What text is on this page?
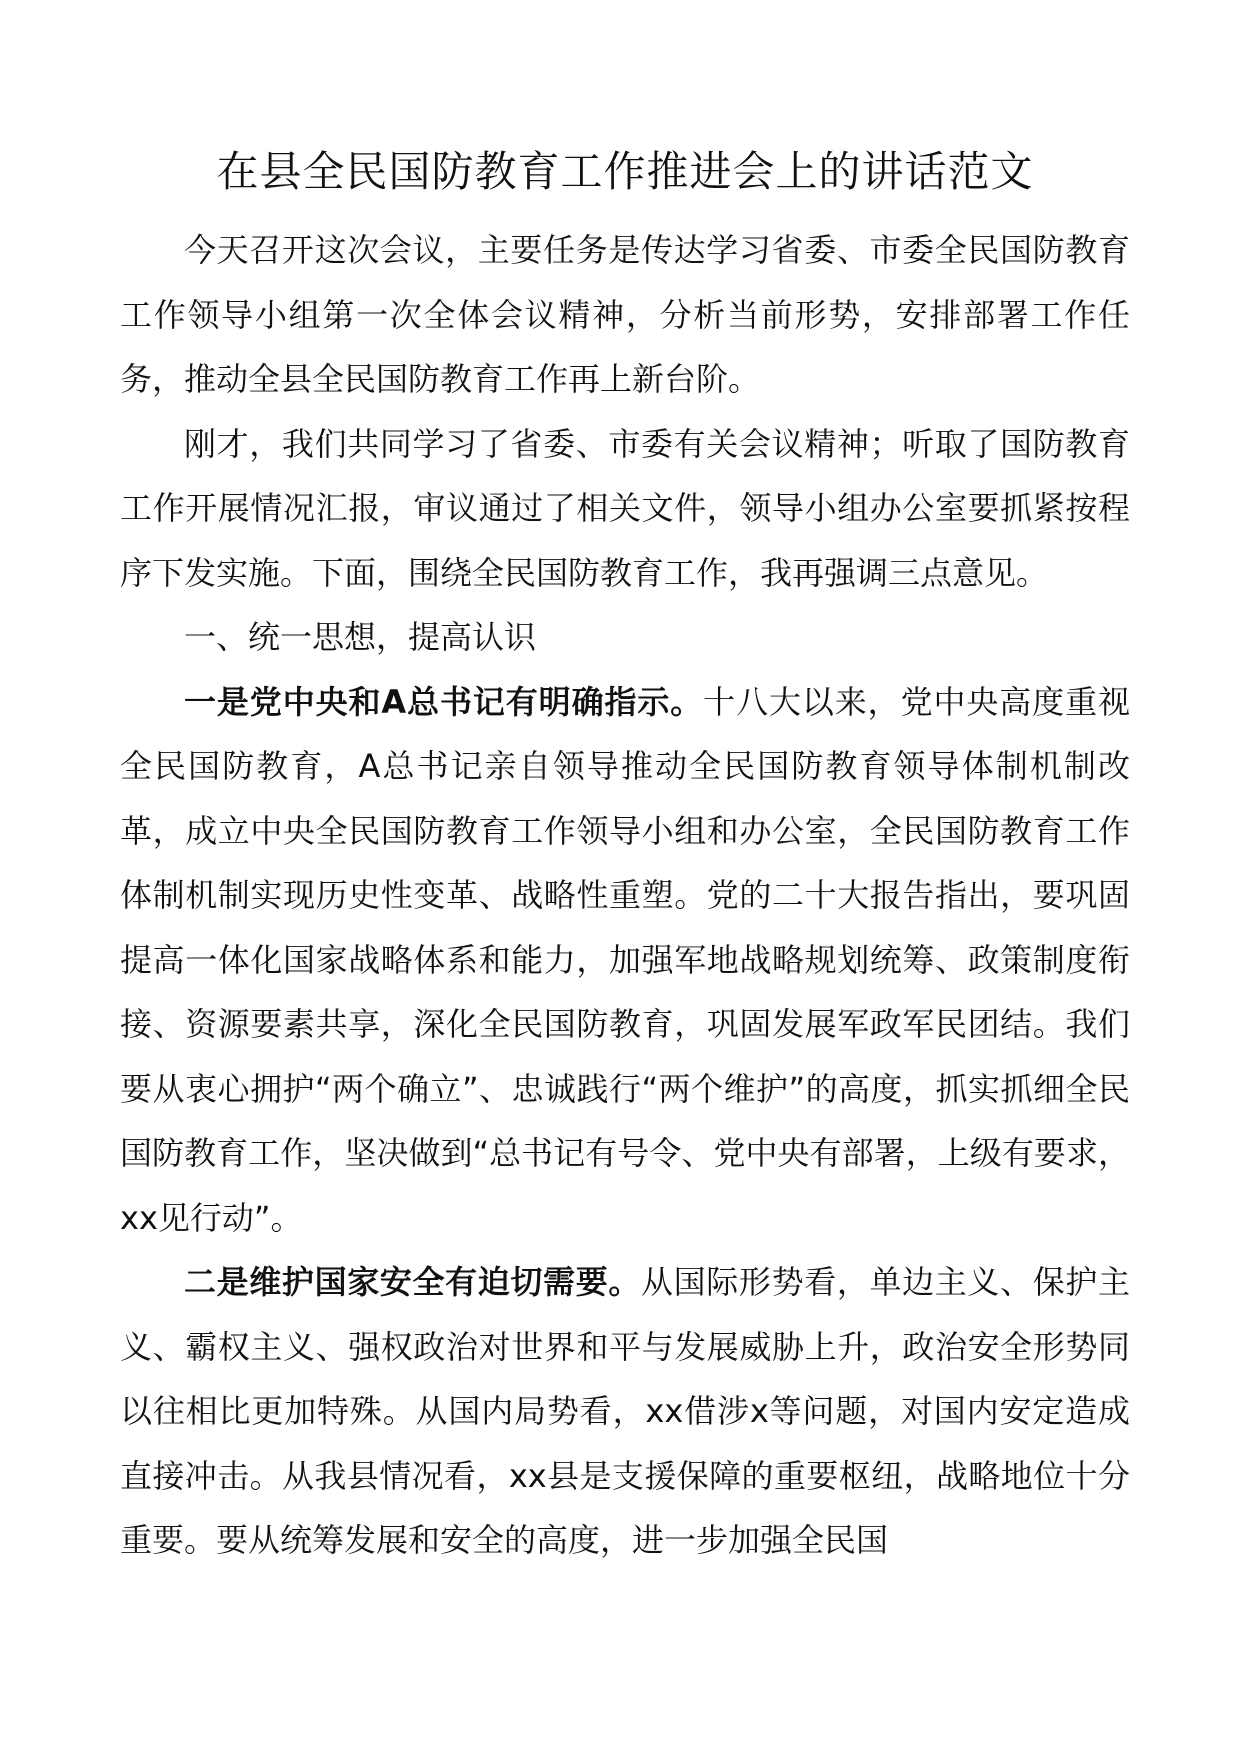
在县全民国防教育工作推进会上的讲话范文

今天召开这次会议，主要任务是传达学习省委、市委全民国防教育工作领导小组第一次全体会议精神，分析当前形势，安排部署工作任务，推动全县全民国防教育工作再上新台阶。

刚才，我们共同学习了省委、市委有关会议精神；听取了国防教育工作开展情况汇报，审议通过了相关文件，领导小组办公室要抓紧按程序下发实施。下面，围绕全民国防教育工作，我再强调三点意见。

一、统一思想，提高认识

一是党中央和A总书记有明确指示。十八大以来，党中央高度重视全民国防教育，A总书记亲自领导推动全民国防教育领导体制机制改革，成立中央全民国防教育工作领导小组和办公室，全民国防教育工作体制机制实现历史性变革、战略性重塑。党的二十大报告指出，要巩固提高一体化国家战略体系和能力，加强军地战略规划统筹、政策制度衔接、资源要素共享，深化全民国防教育，巩固发展军政军民团结。我们要从衷心拥护“两个确立”、忠诚践行“两个维护”的高度，抓实抓细全民国防教育工作，坚决做到“总书记有号令、党中央有部署，上级有要求，xx见行动”。

二是维护国家安全有迫切需要。从国际形势看，单边主义、保护主义、霸权主义、强权政治对世界和平与发展威胁上升，政治安全形势同以往相比更加特殊。从国内局势看，xx借涉x等问题，对国内安定造成直接冲击。从我县情况看，xx县是支援保障的重要枢纽，战略地位十分重要。要从统筹发展和安全的高度，进一步加强全民国
